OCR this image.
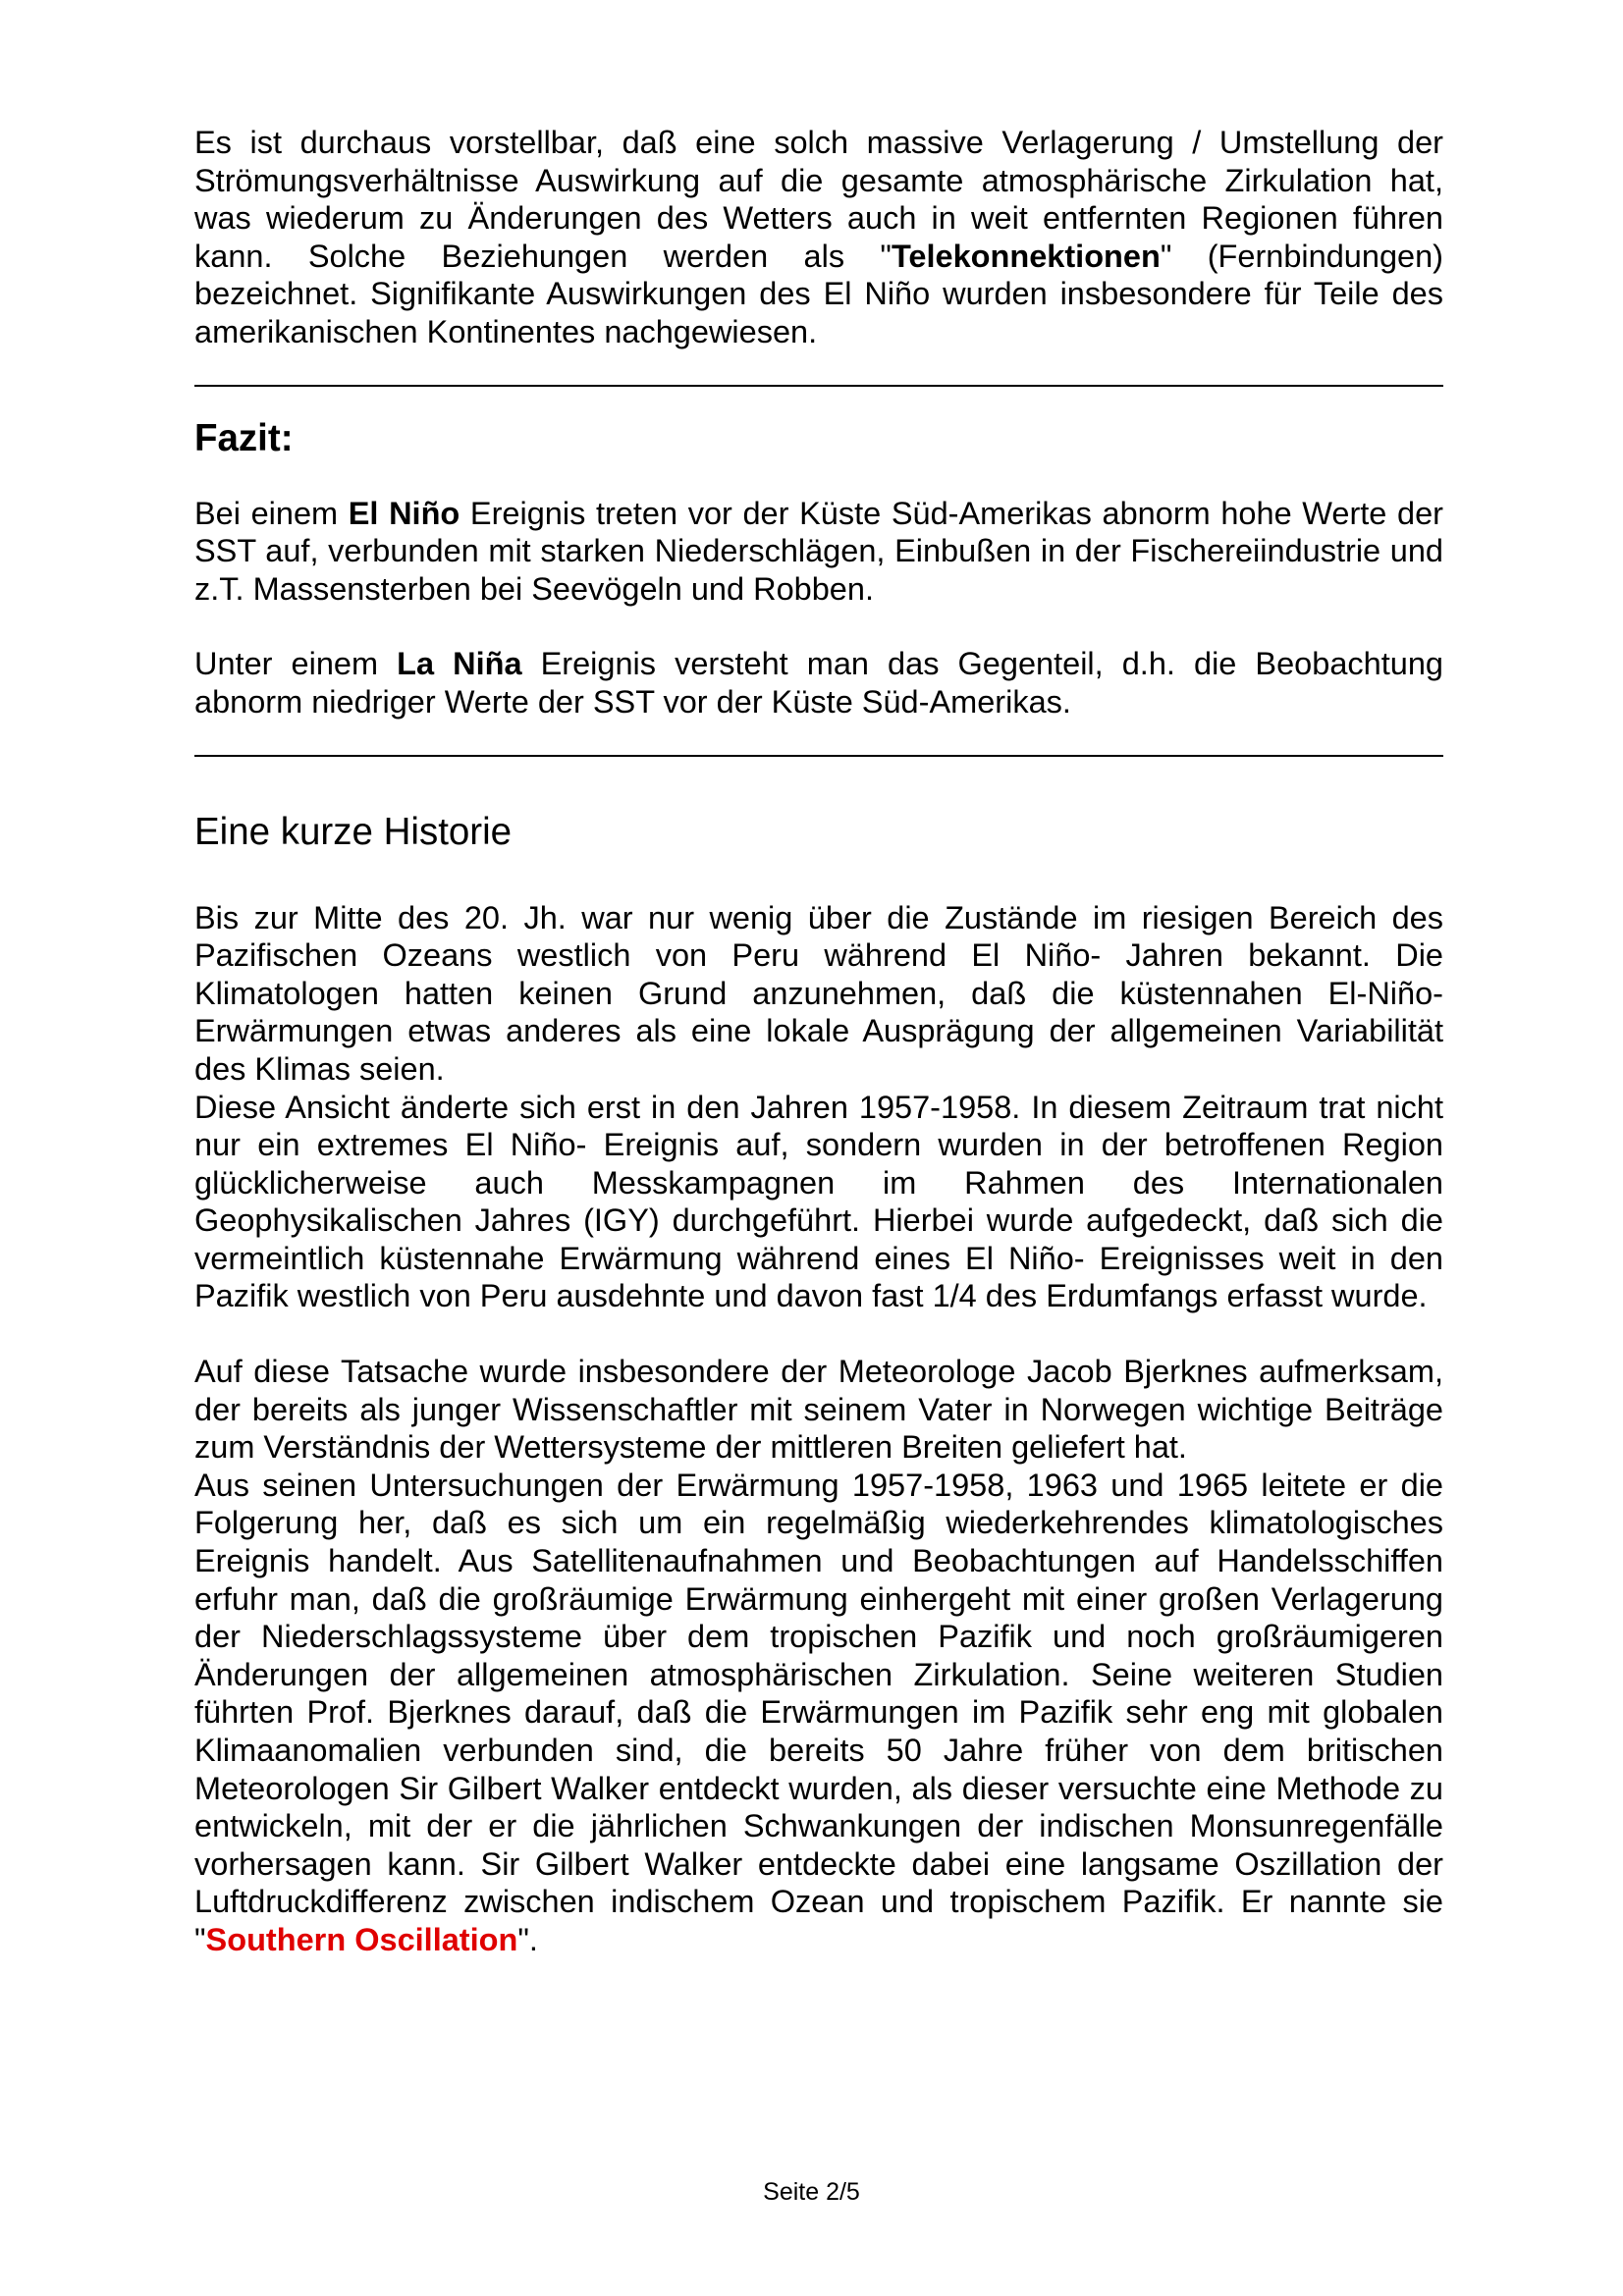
Es ist durchaus vorstellbar, daß eine solch massive Verlagerung / Umstellung der Strömungsverhältnisse Auswirkung auf die gesamte atmosphärische Zirkulation hat, was wiederum zu Änderungen des Wetters auch in weit entfernten Regionen führen kann. Solche Beziehungen werden als "Telekonnektionen" (Fernbindungen) bezeichnet. Signifikante Auswirkungen des El Niño wurden insbesondere für Teile des amerikanischen Kontinentes nachgewiesen.

Fazit:

Bei einem El Niño Ereignis treten vor der Küste Süd-Amerikas abnorm hohe Werte der SST auf, verbunden mit starken Niederschlägen, Einbußen in der Fischereiindustrie und z.T. Massensterben bei Seevögeln und Robben.

Unter einem La Niña Ereignis versteht man das Gegenteil, d.h. die Beobachtung abnorm niedriger Werte der SST vor der Küste Süd-Amerikas.

Eine kurze Historie

Bis zur Mitte des 20. Jh. war nur wenig über die Zustände im riesigen Bereich des Pazifischen Ozeans westlich von Peru während El Niño- Jahren bekannt. Die Klimatologen hatten keinen Grund anzunehmen, daß die küstennahen El-Niño-Erwärmungen etwas anderes als eine lokale Ausprägung der allgemeinen Variabilität des Klimas seien.

Diese Ansicht änderte sich erst in den Jahren 1957-1958. In diesem Zeitraum trat nicht nur ein extremes El Niño- Ereignis auf, sondern wurden in der betroffenen Region glücklicherweise auch Messkampagnen im Rahmen des Internationalen Geophysikalischen Jahres (IGY) durchgeführt. Hierbei wurde aufgedeckt, daß sich die vermeintlich küstennahe Erwärmung während eines El Niño- Ereignisses weit in den Pazifik westlich von Peru ausdehnte und davon fast 1/4 des Erdumfangs erfasst wurde.

Auf diese Tatsache wurde insbesondere der Meteorologe Jacob Bjerknes aufmerksam, der bereits als junger Wissenschaftler mit seinem Vater in Norwegen wichtige Beiträge zum Verständnis der Wettersysteme der mittleren Breiten geliefert hat.

Aus seinen Untersuchungen der Erwärmung 1957-1958, 1963 und 1965 leitete er die Folgerung her, daß es sich um ein regelmäßig wiederkehrendes klimatologisches Ereignis handelt. Aus Satellitenaufnahmen und Beobachtungen auf Handelsschiffen erfuhr man, daß die großräumige Erwärmung einhergeht mit einer großen Verlagerung der Niederschlagssysteme über dem tropischen Pazifik und noch großräumigeren Änderungen der allgemeinen atmosphärischen Zirkulation. Seine weiteren Studien führten Prof. Bjerknes darauf, daß die Erwärmungen im Pazifik sehr eng mit globalen Klimaanomalien verbunden sind, die bereits 50 Jahre früher von dem britischen Meteorologen Sir Gilbert Walker entdeckt wurden, als dieser versuchte eine Methode zu entwickeln, mit der er die jährlichen Schwankungen der indischen Monsunregenfälle vorhersagen kann. Sir Gilbert Walker entdeckte dabei eine langsame Oszillation der Luftdruckdifferenz zwischen indischem Ozean und tropischem Pazifik. Er nannte sie "Southern Oscillation".

Seite 2/5
